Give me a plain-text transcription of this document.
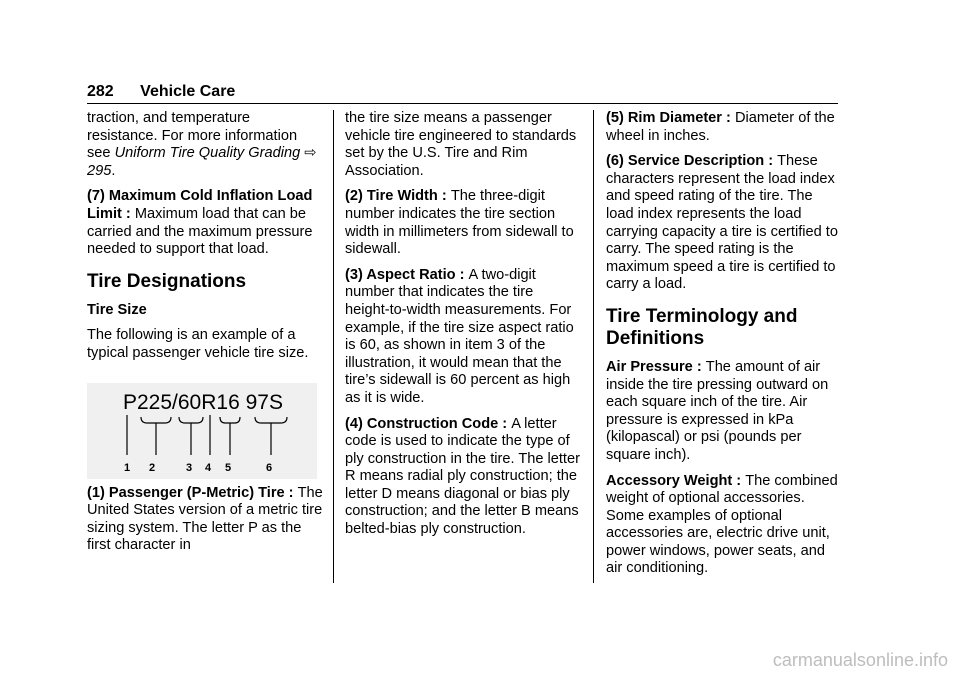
282 Vehicle Care

traction, and temperature resistance. For more information see Uniform Tire Quality Grading ⇨ 295.

(7) Maximum Cold Inflation Load Limit : Maximum load that can be carried and the maximum pressure needed to support that load.

Tire Designations
Tire Size

The following is an example of a typical passenger vehicle tire size.

P225/60R16 97S
1 2	3 4 5	6

(1) Passenger (P-Metric) Tire : The United States version of a metric tire sizing system. The letter P as the first character in

the tire size means a passenger vehicle tire engineered to standards set by the U.S. Tire and Rim Association.

(2) Tire Width : The three-digit number indicates the tire section width in millimeters from sidewall to sidewall.

(3) Aspect Ratio : A two-digit number that indicates the tire height-to-width measurements. For example, if the tire size aspect ratio is 60, as shown in item 3 of the illustration, it would mean that the tire’s sidewall is 60 percent as high as it is wide.

(4) Construction Code : A letter code is used to indicate the type of ply construction in the tire. The letter R means radial ply construction; the letter D means diagonal or bias ply construction; and the letter B means belted-bias ply construction.

(5) Rim Diameter : Diameter of the wheel in inches.

(6) Service Description : These characters represent the load index and speed rating of the tire. The load index represents the load carrying capacity a tire is certified to carry. The speed rating is the maximum speed a tire is certified to carry a load.

Tire Terminology and Definitions

Air Pressure : The amount of air inside the tire pressing outward on each square inch of the tire. Air pressure is expressed in kPa (kilopascal) or psi (pounds per square inch).

Accessory Weight : The combined weight of optional accessories. Some examples of optional accessories are, electric drive unit, power windows, power seats, and air conditioning.

carmanualsonline.info
